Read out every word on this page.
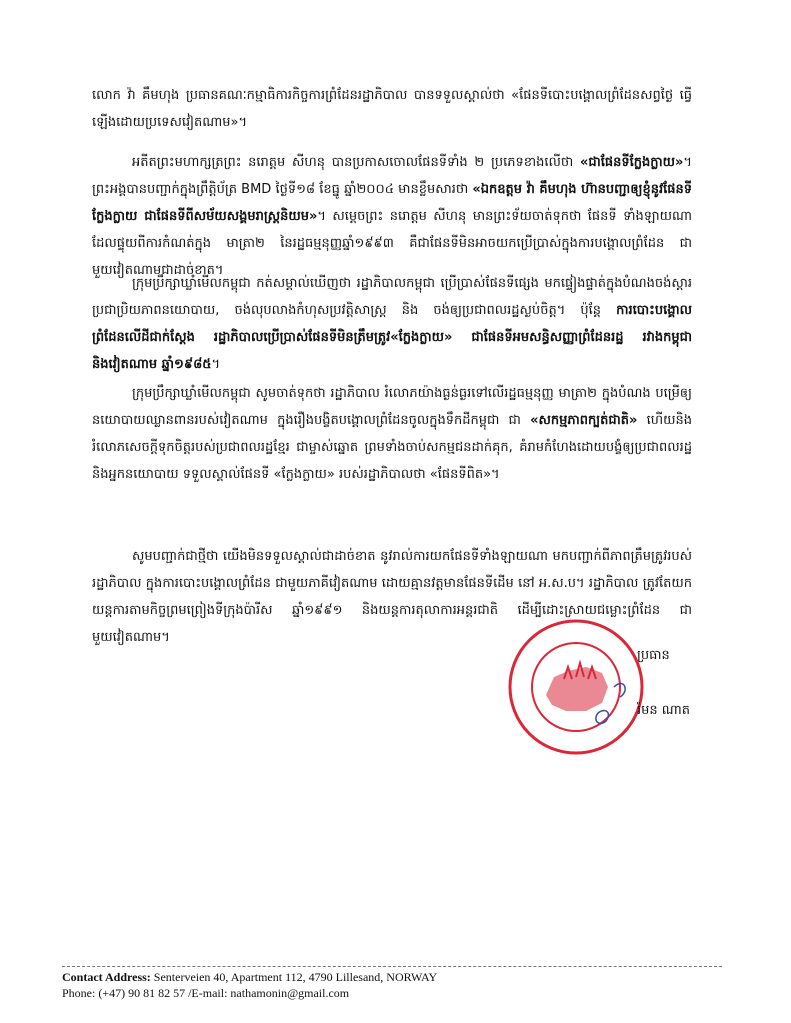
លោក វ៉ា គឹមហុង ប្រធានគណៈកម្មាធិការកិច្ចការព្រំដែនរដ្ឋាភិបាល បានទទួលស្គាល់ថា «ផែនទីបោះបង្គោលព្រំដែនសព្វថ្ងៃ ធ្វើឡើងដោយប្រទេសវៀតណាម»។

អតីតព្រះមហាក្សត្រព្រះ នរោត្ដម សីហនុ បានប្រកាសចោលផែនទីទាំង ២ ប្រភេទខាងលើថា «ជាផែនទីក្លែងក្លាយ»។ ព្រះអង្គបានបញ្ជាក់ក្នុងព្រឹត្តិប័ត្រ BMD ថ្ងៃទី១៨ ខែធ្នូ ឆ្នាំ២០០៤ មានខ្លឹមសារថា «ឯកឧត្តម វ៉ា គឹមហុង ហ៊ានបញ្ជាឲ្យខ្ញុំនូវផែនទីក្លែងក្លាយ ជាផែនទីពីសម័យសង្គមរាស្ត្រនិយម»។ សម្ដេចព្រះ នរោត្ដម សីហនុ មានព្រះទ័យចាត់ទុកថា ផែនទី ទាំងឡាយណា ដែលផ្ទុយពីការកំណត់ក្នុង មាត្រា២ នៃរដ្ឋធម្មនុញ្ញឆ្នាំ១៩៩៣ គឺជាផែនទីមិនអាចយកប្រើប្រាស់ក្នុងការបង្គោលព្រំដែន ជាមួយវៀតណាមជាដាច់ខាត។

ក្រុមប្រឹក្សាឃ្លាំមើលកម្ពុជា កត់សម្គាល់ឃើញថា រដ្ឋាភិបាលកម្ពុជា ប្រើប្រាស់ផែនទីផ្សេង មកផ្ទៀងផ្ទាត់ក្នុងបំណងចង់ស្ដារប្រជាប្រិយភាពនយោបាយ, ចង់លុបលាងកំហុសប្រវត្តិសាស្ត្រ និង ចង់ឲ្យប្រជាពលរដ្ឋស្ងប់ចិត្ត។ ប៉ុន្តែ ការបោះបង្គោលព្រំដែនលើដីជាក់ស្តែង រដ្ឋាភិបាលប្រើប្រាស់ផែនទីមិនត្រឹមត្រូវ«ក្លែងក្លាយ» ជាផែនទីអមសន្ធិសញ្ញាព្រំដែនរដ្ឋ រវាងកម្ពុជា និងវៀតណាម ឆ្នាំ១៩៨៥។

ក្រុមប្រឹក្សាឃ្លាំមើលកម្ពុជា សូមចាត់ទុកថា រដ្ឋាភិបាល រំលោភយ៉ាងធ្ងន់ធ្ងរទៅលើរដ្ឋធម្មនុញ្ញ មាត្រា២ ក្នុងបំណង បម្រើឲ្យនយោបាយឈ្លានពានរបស់វៀតណាម ក្នុងរឿងបង្ខិតបង្គោលព្រំដែនចូលក្នុងទឹកដីកម្ពុជា ជា «សកម្មភាពក្បត់ជាតិ» ហើយនិង រំលោភសេចក្ដីទុកចិត្តរបស់ប្រជាពលរដ្ឋខ្មែរ ជាម្ចាស់ឆ្នោត ព្រមទាំងចាប់សកម្មជនដាក់គុក, គំរាមកំហែងដោយបង្ខំឲ្យប្រជាពលរដ្ឋ និងអ្នកនយោបាយ ទទួលស្គាល់ផែនទី «ក្លែងក្លាយ» របស់រដ្ឋាភិបាលថា «ផែនទីពិត»។

សូមបញ្ជាក់ជាថ្មីថា យើងមិនទទួលស្គាល់ជាដាច់ខាត នូវរាល់ការយកផែនទីទាំងឡាយណា មកបញ្ជាក់ពីភាពត្រឹមត្រូវរបស់រដ្ឋាភិបាល ក្នុងការបោះបង្គោលព្រំដែន ជាមួយភាគីវៀតណាម ដោយគ្មានវត្តមានផែនទីដើម នៅ អ.ស.ប។ រដ្ឋាភិបាល ត្រូវតែយកយន្តការតាមកិច្ចព្រមព្រៀងទីក្រុងប៉ារីស ឆ្នាំ១៩៩១ និងយន្តការតុលាការអន្តរជាតិ ដើម្បីដោះស្រាយជម្លោះព្រំដែន ជាមួយវៀតណាម។

ប្រធាន
រ៉មន ណាត
Contact Address: Senterveien 40, Apartment 112, 4790 Lillesand, NORWAY
Phone: (+47) 90 81 82 57 /E-mail: nathamonin@gmail.com
